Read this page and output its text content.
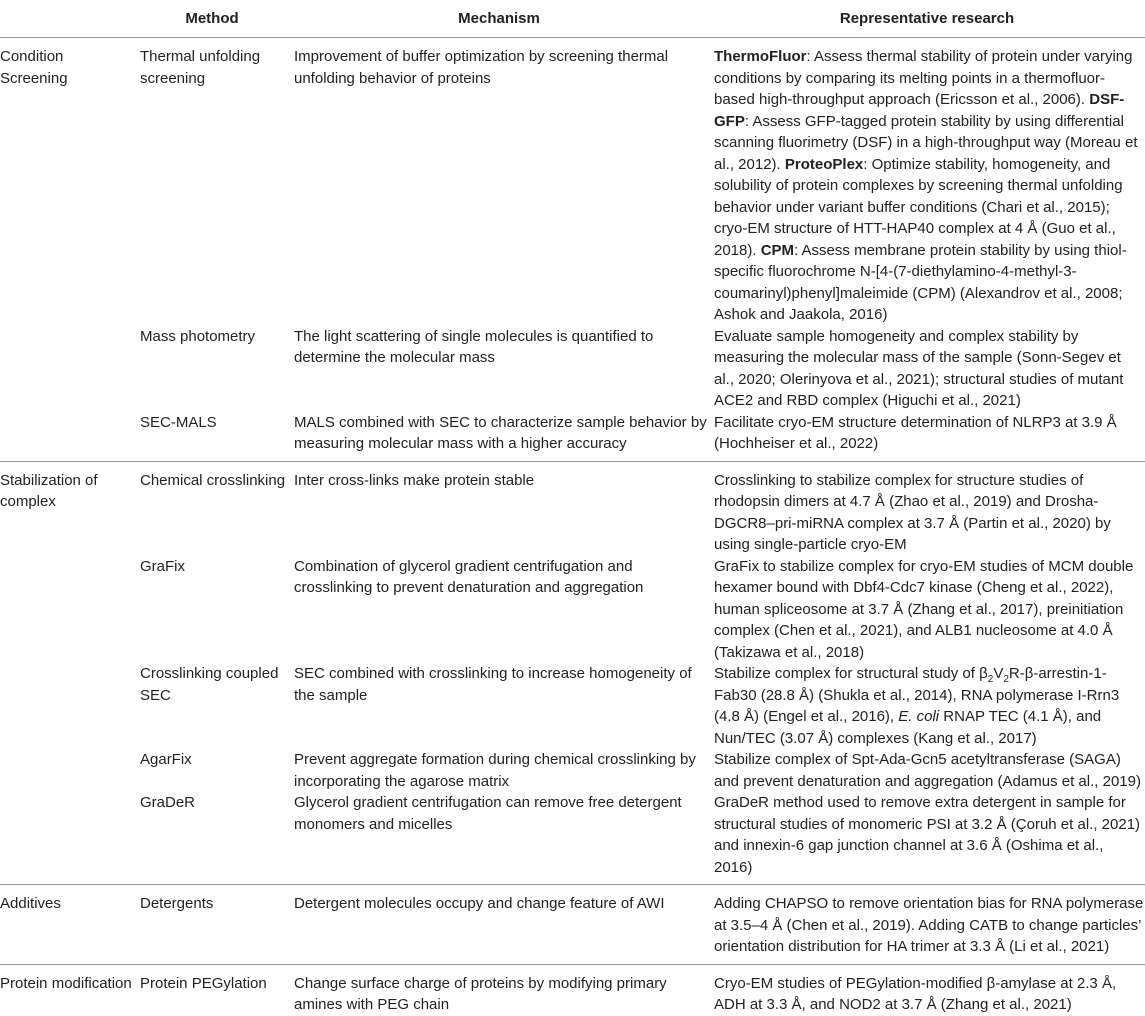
	Method	Mechanism	Representative research
Condition Screening	Thermal unfolding screening	Improvement of buffer optimization by screening thermal unfolding behavior of proteins	ThermoFluor: Assess thermal stability of protein under varying conditions by comparing its melting points in a thermofluor-based high-throughput approach (Ericsson et al., 2006). DSF-GFP: Assess GFP-tagged protein stability by using differential scanning fluorimetry (DSF) in a high-throughput way (Moreau et al., 2012). ProteoPlex: Optimize stability, homogeneity, and solubility of protein complexes by screening thermal unfolding behavior under variant buffer conditions (Chari et al., 2015); cryo-EM structure of HTT-HAP40 complex at 4 Å (Guo et al., 2018). CPM: Assess membrane protein stability by using thiol-specific fluorochrome N-[4-(7-diethylamino-4-methyl-3-coumarinyl)phenyl]maleimide (CPM) (Alexandrov et al., 2008; Ashok and Jaakola, 2016)
	Mass photometry	The light scattering of single molecules is quantified to determine the molecular mass	Evaluate sample homogeneity and complex stability by measuring the molecular mass of the sample (Sonn-Segev et al., 2020; Olerinyova et al., 2021); structural studies of mutant ACE2 and RBD complex (Higuchi et al., 2021)
	SEC-MALS	MALS combined with SEC to characterize sample behavior by measuring molecular mass with a higher accuracy	Facilitate cryo-EM structure determination of NLRP3 at 3.9 Å (Hochheiser et al., 2022)
Stabilization of complex	Chemical crosslinking	Inter cross-links make protein stable	Crosslinking to stabilize complex for structure studies of rhodopsin dimers at 4.7 Å (Zhao et al., 2019) and Drosha-DGCR8–pri-miRNA complex at 3.7 Å (Partin et al., 2020) by using single-particle cryo-EM
	GraFix	Combination of glycerol gradient centrifugation and crosslinking to prevent denaturation and aggregation	GraFix to stabilize complex for cryo-EM studies of MCM double hexamer bound with Dbf4-Cdc7 kinase (Cheng et al., 2022), human spliceosome at 3.7 Å (Zhang et al., 2017), preinitiation complex (Chen et al., 2021), and ALB1 nucleosome at 4.0 Å (Takizawa et al., 2018)
	Crosslinking coupled SEC	SEC combined with crosslinking to increase homogeneity of the sample	Stabilize complex for structural study of $\beta_2V_2R-\beta-arrestin-1-Fab30$ (28.8 Å) (Shukla et al., 2014), RNA polymerase I-Rrn3 (4.8 Å) (Engel et al., 2016), E. coli RNAP TEC (4.1 Å), and Nun/TEC (3.07 Å) complexes (Kang et al., 2017)
	AgarFix	Prevent aggregate formation during chemical crosslinking by incorporating the agarose matrix	Stabilize complex of Spt-Ada-Gcn5 acetyltransferase (SAGA) and prevent denaturation and aggregation (Adamus et al., 2019)
	GraDeR	Glycerol gradient centrifugation can remove free detergent monomers and micelles	GraDeR method used to remove extra detergent in sample for structural studies of monomeric PSI at 3.2 Å (Çoruh et al., 2021) and innexin-6 gap junction channel at 3.6 Å (Oshima et al., 2016)
Additives	Detergents	Detergent molecules occupy and change feature of AWI	Adding CHAPSO to remove orientation bias for RNA polymerase at 3.5–4 Å (Chen et al., 2019). Adding CATB to change particles’ orientation distribution for HA trimer at 3.3 Å (Li et al., 2021)
Protein modification	Protein PEGylation	Change surface charge of proteins by modifying primary amines with PEG chain	Cryo-EM studies of PEGylation-modified β-amylase at 2.3 Å, ADH at 3.3 Å, and NOD2 at 3.7 Å (Zhang et al., 2021)
